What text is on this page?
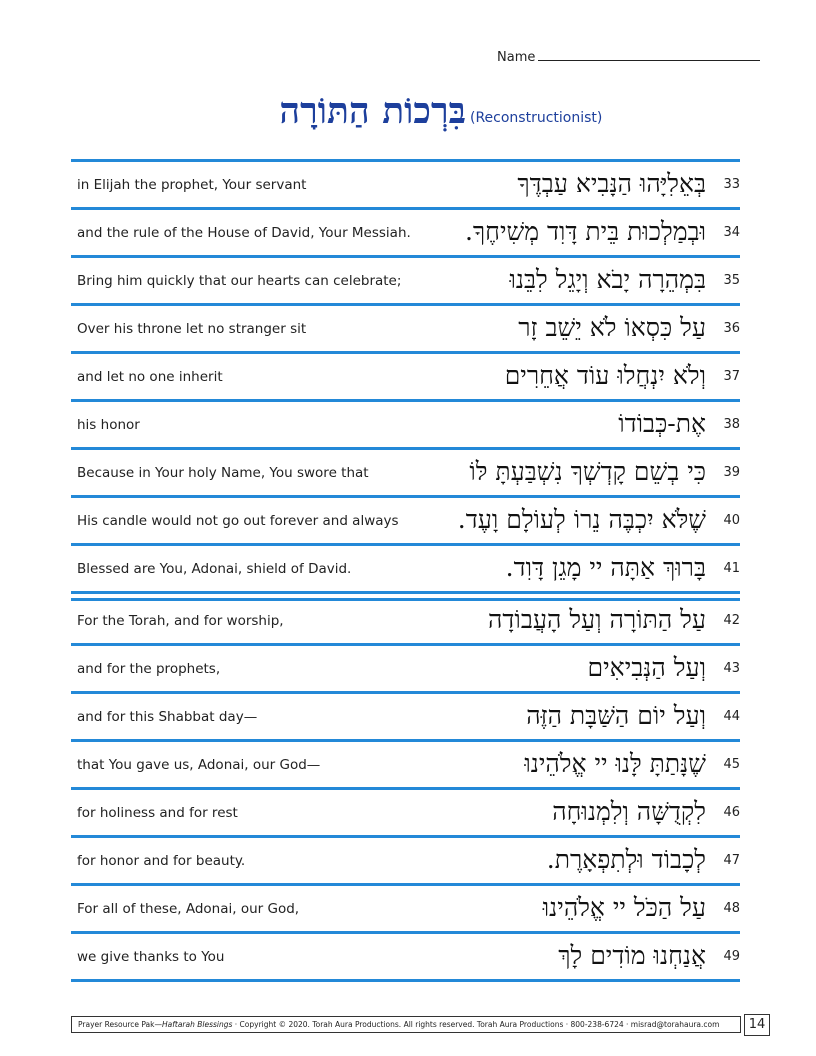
Name
בִּרְכוֹת הַתּוֹרָה (Reconstructionist)
in Elijah the prophet, Your servant	בְּאֵלִיָּהוּ הַנָּבִיא עַבְדֶּךָ 33
and the rule of the House of David, Your Messiah. וּבְמַלְכוּת בֵּית דָּוִד מְשִׁיחֶךָ. 34
Bring him quickly that our hearts can celebrate;	בִּמְהֵרָה יָבֹא וְיָגֵל לִבֵּנוּ 35
Over his throne let no stranger sit	עַל כִּסְאוֹ לֹא יֵשֵׁב זָר 36
and let no one inherit	וְלֹא יִנְחֲלוּ עוֹד אֲחֵרִים 37
his honor	אֶת-כְּבוֹדוֹ 38
Because in Your holy Name, You swore that	כִּי בְשֵׁם קָדְשְׁךָ נִשְׁבַּעְתָּ לּוֹ 39
His candle would not go out forever and always שֶׁלֹּא יִכְבֶּה נֵרוֹ לְעוֹלָם וָעֶד. 40
Blessed are You, Adonai, shield of David.	בָּרוּךְ אַתָּה יי מָגֵן דָּוִד. 41
For the Torah, and for worship,	עַל הַתּוֹרָה וְעַל הָעֲבוֹדָה 42
and for the prophets,	וְעַל הַנְּבִיאִים 43
and for this Shabbat day—	וְעַל יוֹם הַשַּׁבָּת הַזֶּה 44
that You gave us, Adonai, our God—	שֶׁנָּתַתָּ לָּנוּ יי אֱלֹהֵינוּ 45
for holiness and for rest	לִקְדֻשָּׁה וְלִמְנוּחָה 46
for honor and for beauty.	לְכָבוֹד וּלְתִפְאָרֶת. 47
For all of these, Adonai, our God,	עַל הַכֹּל יי אֱלֹהֵינוּ 48
we give thanks to You	אֲנַחְנוּ מוֹדִים לָךְ 49
Prayer Resource Pak—Haftarah Blessings · Copyright © 2020. Torah Aura Productions. All rights reserved. Torah Aura Productions · 800-238-6724 · misrad@torahaura.com	14
